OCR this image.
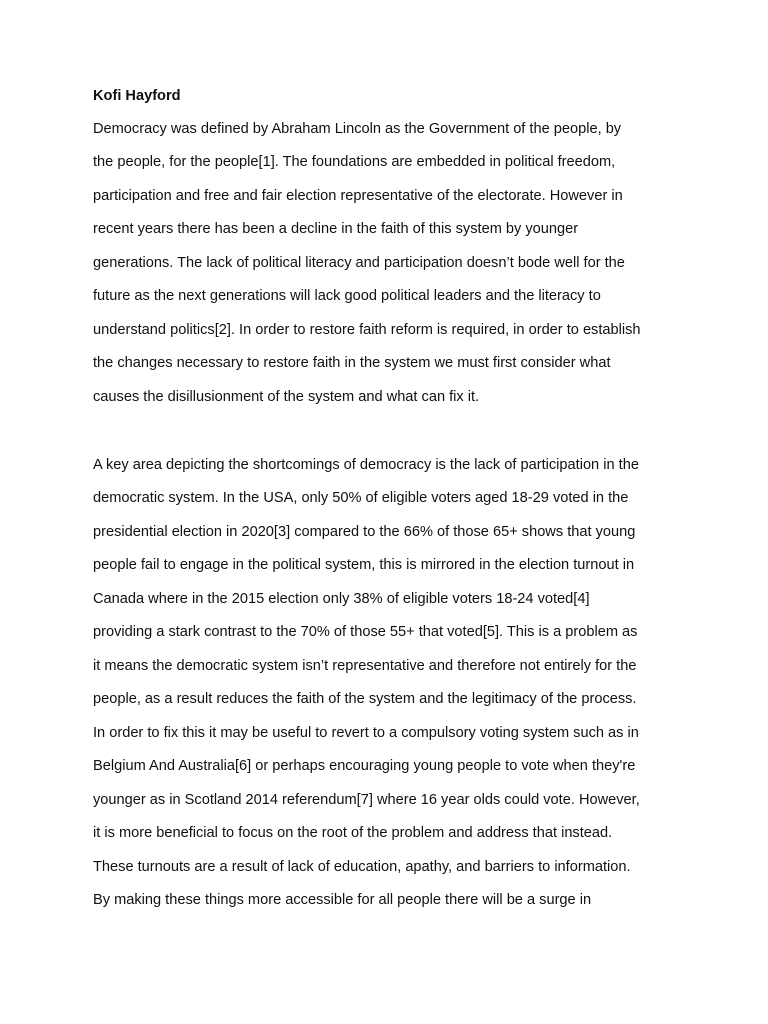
Kofi Hayford

Democracy was defined by Abraham Lincoln as the Government of the people, by

the people, for the people[1]. The foundations are embedded in political freedom,

participation and free and fair election representative of the electorate. However in

recent years there has been a decline in the faith of this system by younger

generations. The lack of political literacy and participation doesn’t bode well for the

future as the next generations will lack good political leaders and the literacy to

understand politics[2]. In order to restore faith reform is required, in order to establish

the changes necessary to restore faith in the system we must first consider what

causes the disillusionment of the system and what can fix it.

A key area depicting the shortcomings of democracy is the lack of participation in the

democratic system. In the USA, only 50% of eligible voters aged 18-29 voted in the

presidential election in 2020[3] compared to the 66% of those 65+ shows that young

people fail to engage in the political system, this is mirrored in the election turnout in

Canada where in the 2015 election only 38% of eligible voters 18-24 voted[4]

providing a stark contrast to the 70% of those 55+ that voted[5]. This is a problem as

it means the democratic system isn’t representative and therefore not entirely for the

people, as a result reduces the faith of the system and the legitimacy of the process.

In order to fix this it may be useful to revert to a compulsory voting system such as in

Belgium And Australia[6] or perhaps encouraging young people to vote when they're

younger as in Scotland 2014 referendum[7] where 16 year olds could vote. However,

it is more beneficial to focus on the root of the problem and address that instead.

These turnouts are a result of lack of education, apathy, and barriers to information.

By making these things more accessible for all people there will be a surge in
